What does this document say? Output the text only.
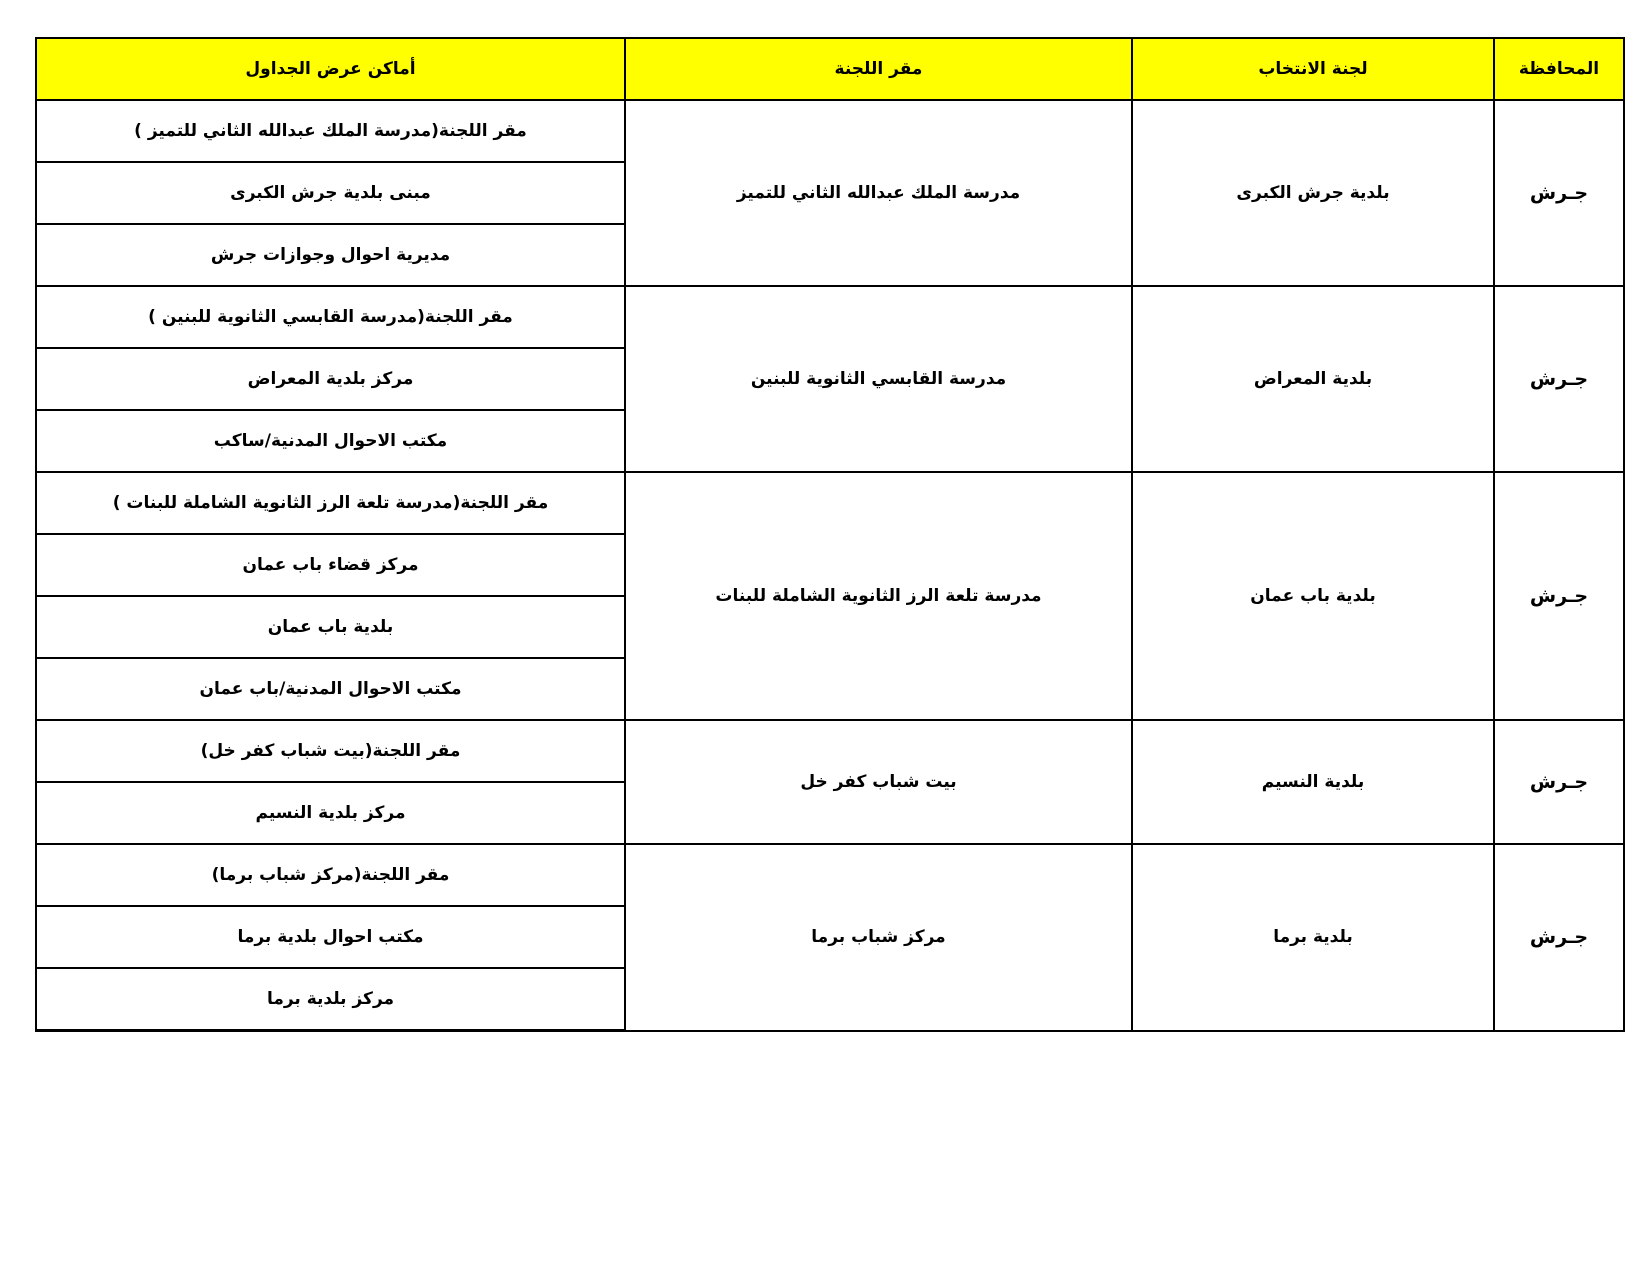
المحافظة	لجنة الانتخاب	مقر اللجنة	أماكن عرض الجداول
جـرش	بلدية جرش الكبرى	مدرسة الملك عبدالله الثاني للتميز	مقر اللجنة(مدرسة الملك عبدالله الثاني للتميز )
			مبنى بلدية جرش الكبرى
			مديرية احوال وجوازات جرش
جـرش	بلدية المعراض	مدرسة القابسي الثانوية للبنين	مقر اللجنة(مدرسة القابسي الثانوية للبنين )
			مركز بلدية المعراض
			مكتب الاحوال المدنية/ساكب
جـرش	بلدية باب عمان	مدرسة تلعة الرز الثانوية الشاملة للبنات	مقر اللجنة(مدرسة تلعة الرز الثانوية الشاملة للبنات )
			مركز قضاء باب عمان
			بلدية باب عمان
			مكتب الاحوال المدنية/باب عمان
جـرش	بلدية النسيم	بيت شباب كفر خل	مقر اللجنة(بيت شباب كفر خل)
			مركز بلدية النسيم
جـرش	بلدية برما	مركز شباب برما	مقر اللجنة(مركز شباب برما)
			مكتب احوال بلدية برما
			مركز بلدية برما
